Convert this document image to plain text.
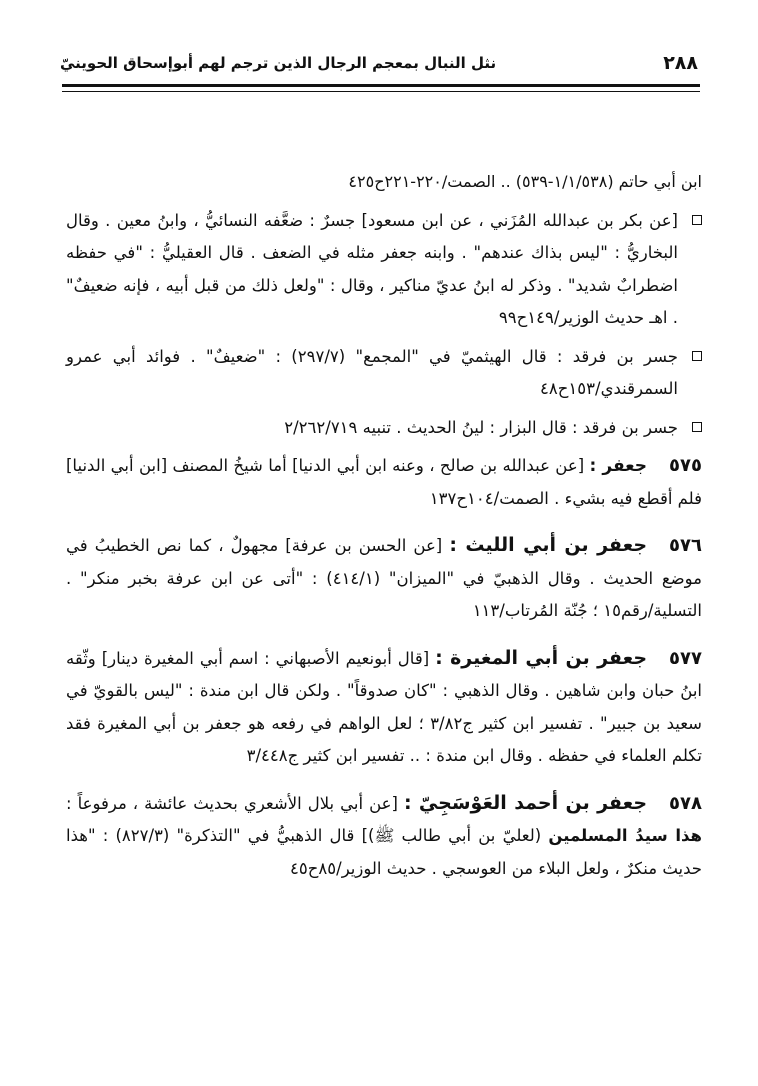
٢٨٨
نثل النبال بمعجم الرجال الذين ترجم لهم أبوإسحاق الحوينيّ

ابن أبي حاتم (١/١/٥٣٨-٥٣٩) .. الصمت/٢٢٠-٢٢١ح٤٢٥

[عن بكر بن عبدالله المُزَني ، عن ابن مسعود] جسرٌ : ضعَّفه النسائيُّ ، وابنُ معين . وقال البخاريُّ : "ليس بذاك عندهم" . وابنه جعفر مثله في الضعف . قال العقيليُّ : "في حفظه اضطرابٌ شديد" . وذكر له ابنُ عديّ مناكير ، وقال : "ولعل ذلك من قبل أبيه ، فإنه ضعيفٌ" . اهـ حديث الوزير/١٤٩ح٩٩

جسر بن فرقد : قال الهيثميّ في "المجمع" (٢٩٧/٧) : "ضعيفٌ" . فوائد أبي عمرو السمرقندي/١٥٣ح٤٨

جسر بن فرقد : قال البزار : لينُ الحديث . تنبيه ٢/٢٦٢/٧١٩

٥٧٥جعفر : [عن عبدالله بن صالح ، وعنه ابن أبي الدنيا] أما شيخُ المصنف [ابن أبي الدنيا] فلم أقطع فيه بشيء . الصمت/١٠٤ح١٣٧

٥٧٦جعفر بن أبي الليث : [عن الحسن بن عرفة] مجهولٌ ، كما نص الخطيبُ في موضع الحديث . وقال الذهبيّ في "الميزان" (٤١٤/١) : "أتى عن ابن عرفة بخبر منكر" . التسلية/رقم١٥ ؛ جُنّة المُرتاب/١١٣

٥٧٧جعفر بن أبي المغيرة : [قال أبونعيم الأصبهاني : اسم أبي المغيرة دينار] وثّقه ابنُ حبان وابن شاهين . وقال الذهبي : "كان صدوقاً" . ولكن قال ابن مندة : "ليس بالقويّ في سعيد بن جبير" . تفسير ابن كثير ج٣/٨٢ ؛ لعل الواهم في رفعه هو جعفر بن أبي المغيرة فقد تكلم العلماء في حفظه . وقال ابن مندة : .. تفسير ابن كثير ج٣/٤٤٨

٥٧٨جعفر بن أحمد العَوْسَجِيّ : [عن أبي بلال الأشعري بحديث عائشة ، مرفوعاً : هذا سيدُ المسلمين (لعليّ بن أبي طالب ﷺ)] قال الذهبيُّ في "التذكرة" (٨٢٧/٣) : "هذا حديث منكرٌ ، ولعل البلاء من العوسجي . حديث الوزير/٨٥ح٤٥
